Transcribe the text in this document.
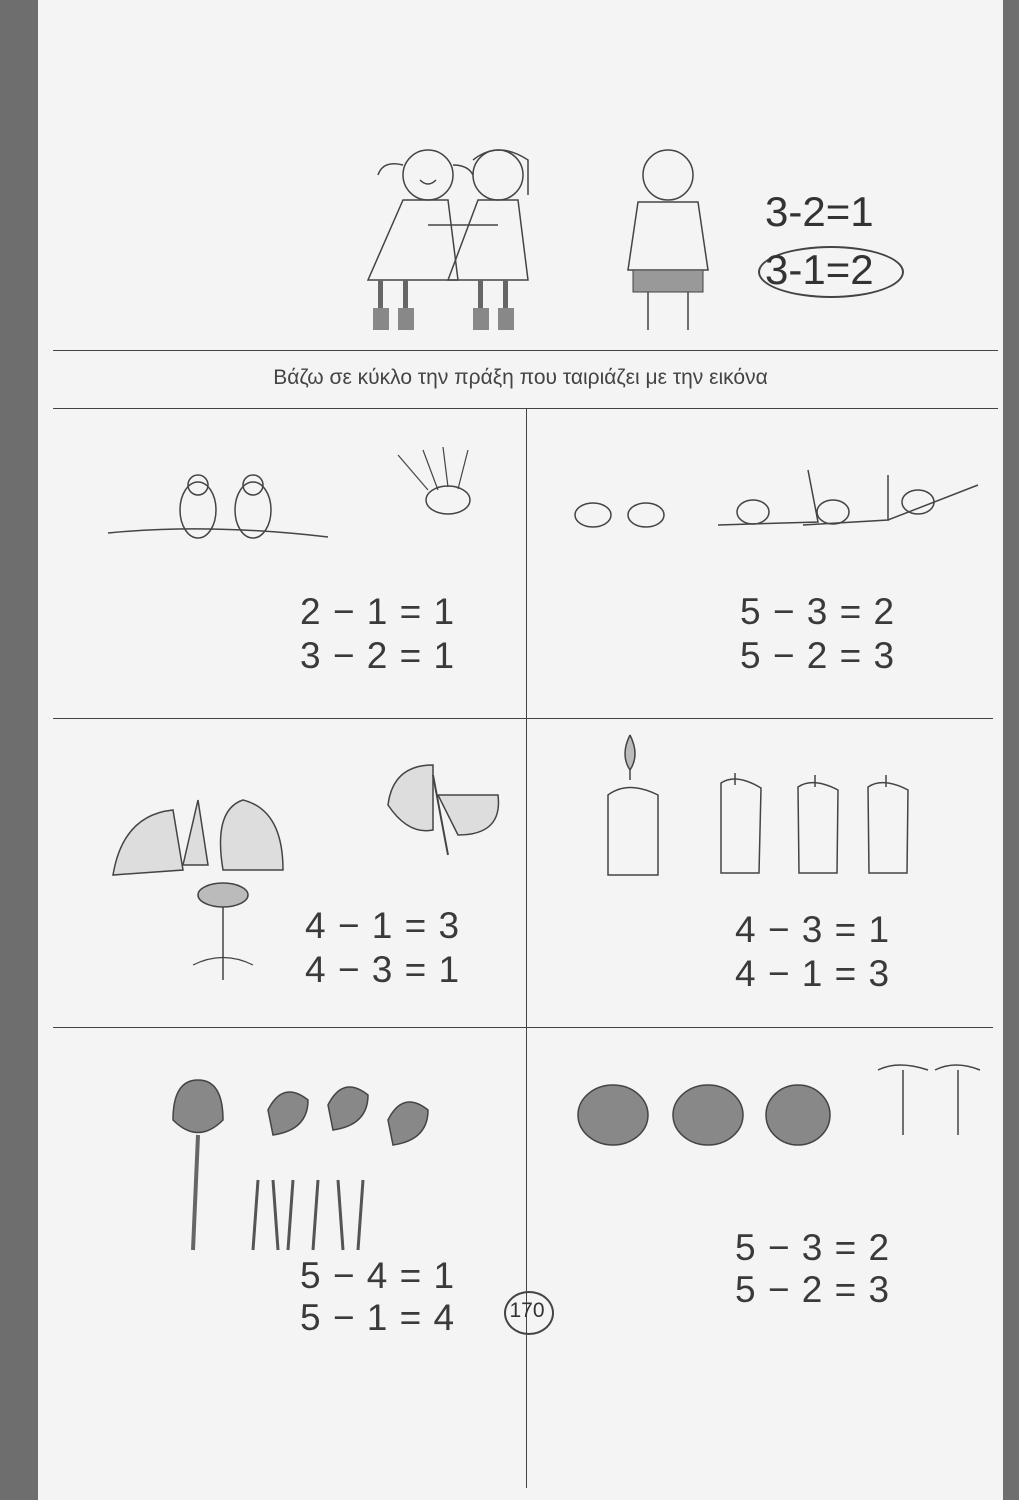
3-2=1
3-1=2
Βάζω σε κύκλο την πράξη που ταιριάζει με την εικόνα
2 − 1 = 1
3 − 2 = 1
5 − 3 = 2
5 − 2 = 3
4 − 1 = 3
4 − 3 = 1
4 − 3 = 1
4 − 1 = 3
5 − 4 = 1
5 − 1 = 4	170
5 − 3 = 2
5 − 2 = 3
